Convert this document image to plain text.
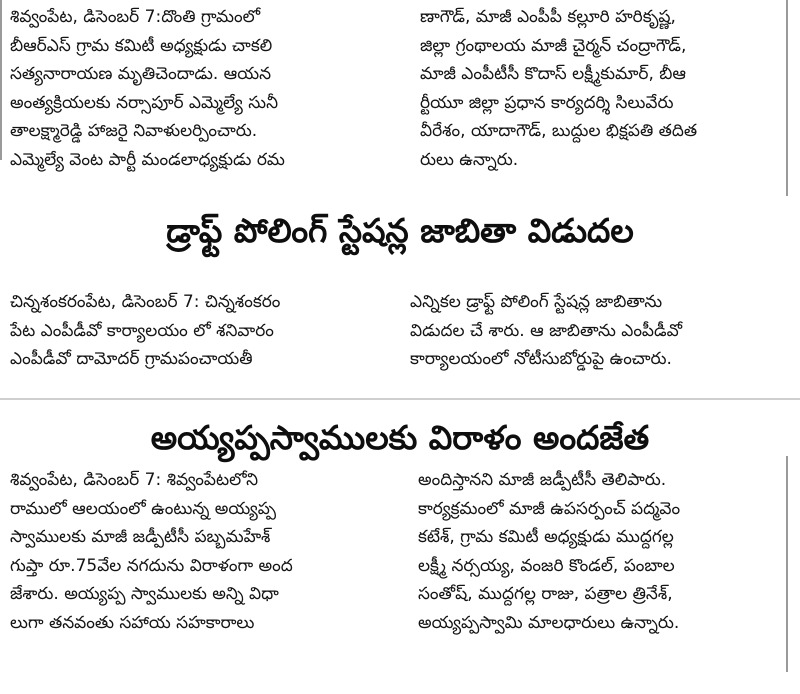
శివ్వంపేట, డిసెంబర్ 7:దొంతి గ్రామంలో
బీఆర్ఎస్ గ్రామ కమిటీ అధ్యక్షుడు చాకలి
సత్యనారాయణ మృతిచెందాడు. ఆయన
అంత్యక్రియలకు నర్సాపూర్ ఎమ్మెల్యే సునీ
తాలక్ష్మారెడ్డి హాజరై నివాళులర్పించారు.
ఎమ్మెల్యే వెంట పార్టీ మండలాధ్యక్షుడు రమ
ణాగౌడ్, మాజీ ఎంపీపీ కల్లూరి హరికృష్ణ,
జిల్లా గ్రంథాలయ మాజీ చైర్మన్ చంద్రాగౌడ్,
మాజీ ఎంపీటీసీ కొదాస్ లక్ష్మీకుమార్, బీఆ
ర్టీయూ జిల్లా ప్రధాన కార్యదర్శి సిలువేరు
వీరేశం, యాదాగౌడ్, బుద్దుల భిక్షపతి తదిత
రులు ఉన్నారు.
డ్రాఫ్ట్ పోలింగ్ స్టేషన్ల జాబితా విడుదల
చిన్నశంకరంపేట, డిసెంబర్ 7: చిన్నశంకరం
పేట ఎంపీడీవో కార్యాలయం లో శనివారం
ఎంపీడీవో దామోదర్ గ్రామపంచాయతీ
ఎన్నికల డ్రాఫ్ట్ పోలింగ్ స్టేషన్ల జాబితాను
విడుదల చే శారు. ఆ జాబితాను ఎంపీడీవో
కార్యాలయంలో నోటీసుబోర్డుపై ఉంచారు.
అయ్యప్పస్వాములకు విరాళం అందజేత
శివ్వంపేట, డిసెంబర్ 7: శివ్వంపేటలోని
రాములో ఆలయంలో ఉంటున్న అయ్యప్ప
స్వాములకు మాజీ జడ్పీటీసీ పబ్బమహేశ్
గుప్తా రూ.75వేల నగదును విరాళంగా అంద
జేశారు. అయ్యప్ప స్వాములకు అన్ని విధా
లుగా తనవంతు సహాయ సహకారాలు
అందిస్తానని మాజీ జడ్పీటీసీ తెలిపారు.
కార్యక్రమంలో మాజీ ఉపసర్పంచ్ పద్మవెం
కటేశ్, గ్రామ కమిటీ అధ్యక్షుడు ముద్దగల్ల
లక్ష్మీ నర్సయ్య, వంజరి కొండల్, పంబాల
సంతోష్, ముద్దగల్ల రాజు, పత్రాల త్రినేశ్,
అయ్యప్పస్వామి మాలధారులు ఉన్నారు.
